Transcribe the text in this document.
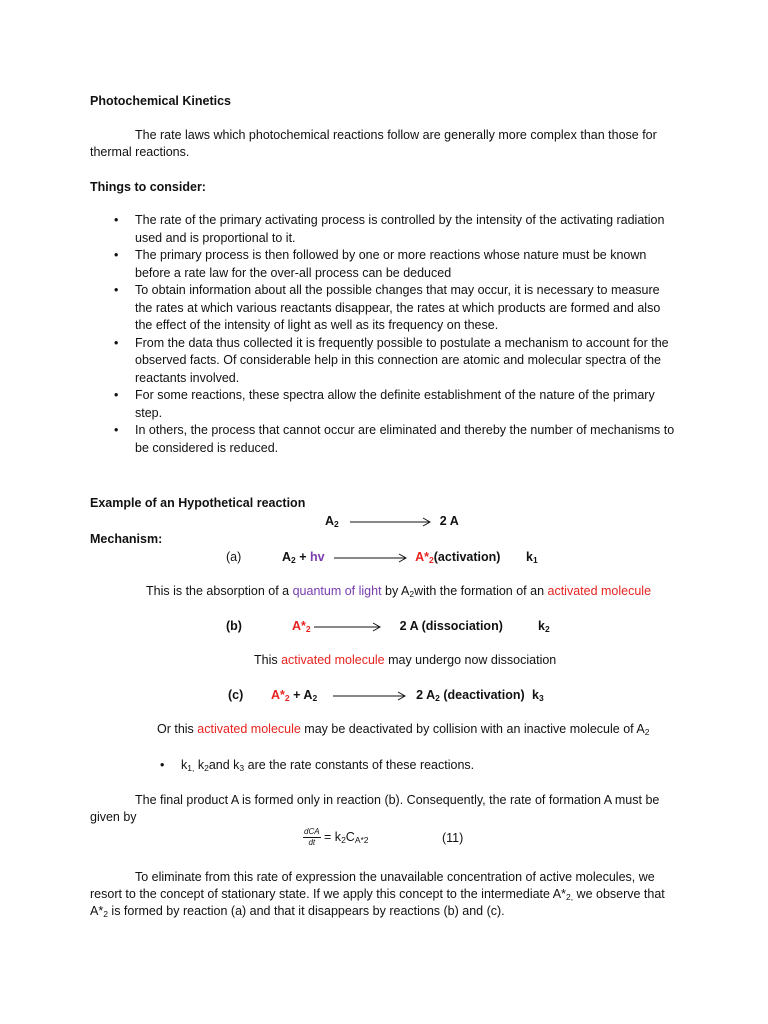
Photochemical Kinetics
The rate laws which photochemical reactions follow are generally more complex than those for thermal reactions.
Things to consider:
• The rate of the primary activating process is controlled by the intensity of the activating radiation used and is proportional to it.
• The primary process is then followed by one or more reactions whose nature must be known before a rate law for the over-all process can be deduced
• To obtain information about all the possible changes that may occur, it is necessary to measure the rates at which various reactants disappear, the rates at which products are formed and also the effect of the intensity of light as well as its frequency on these.
• From the data thus collected it is frequently possible to postulate a mechanism to account for the observed facts. Of considerable help in this connection are atomic and molecular spectra of the reactants involved.
• For some reactions, these spectra allow the definite establishment of the nature of the primary step.
• In others, the process that cannot occur are eliminated and thereby the number of mechanisms to be considered is reduced.
Example of an Hypothetical reaction
$A_2$	2 A
Mechanism:
(a)	$A_2$ + hv	$A*_2(activation)$ $k_1$
This is the absorption of a quantum of light by $A_2with$ the formation of an activated molecule
(b)	$A*_2$	2 A (dissociation)	$k_2$
This activated molecule may undergo now dissociation
(c) $A*_2 + A_2$	2 $A_2$ (deactivation) $k_3$
Or this activated molecule may be deactivated by collision with an inactive molecule of $A_2$
• $k_{1,}$ $k_2and$ $k_3$ are the rate constants of these reactions.
The final product A is formed only in reaction (b). Consequently, the rate of formation A must be given by
$\frac{\text{dCA}}{dt} = k_2C_{A*2}$	(11)
To eliminate from this rate of expression the unavailable concentration of active molecules, we resort to the concept of stationary state. If we apply this concept to the intermediate $A*_{2,}$ we observe that $A*_2$ is formed by reaction (a) and that it disappears by reactions (b) and (c).
